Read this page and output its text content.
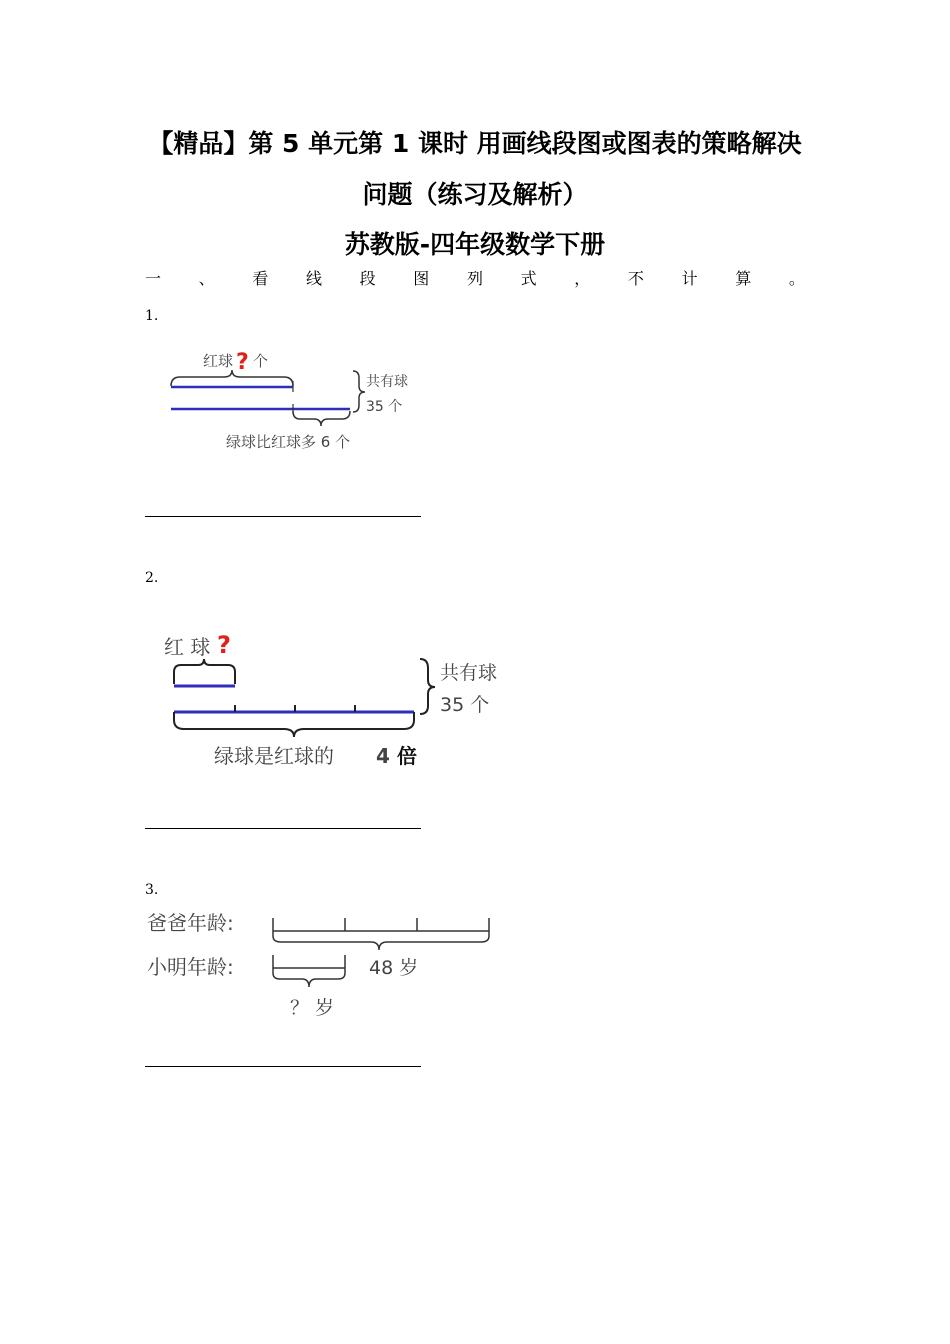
【精品】第 5 单元第 1 课时 用画线段图或图表的策略解决
问题（练习及解析）
苏教版-四年级数学下册
一 、 看 线 段 图 列 式 ， 不 计 算 。
1.
2.
3.
红球 ? 个
共有球
35 个
绿球比红球多 6 个
红 球 ?
共有球
35 个
绿球是红球的 4 倍
爸爸年龄:
48 岁
小明年龄:
？ 岁
